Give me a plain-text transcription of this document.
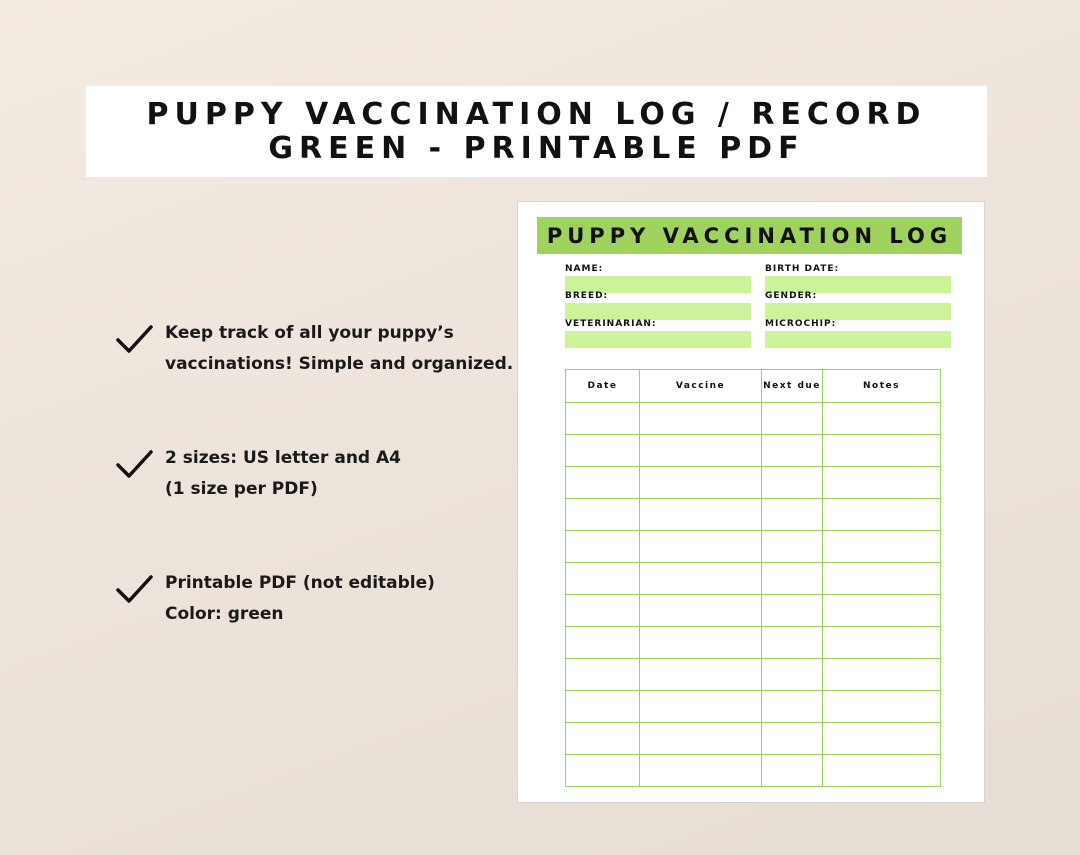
PUPPY VACCINATION LOG / RECORD
GREEN - PRINTABLE PDF
Keep track of all your puppy’s
vaccinations! Simple and organized.
2 sizes: US letter and A4
(1 size per PDF)
Printable PDF (not editable)
Color: green
PUPPY VACCINATION LOG
NAME:	BIRTH DATE:
BREED:	GENDER:
VETERINARIAN:	MICROCHIP:
Date	Vaccine	Next due	Notes
